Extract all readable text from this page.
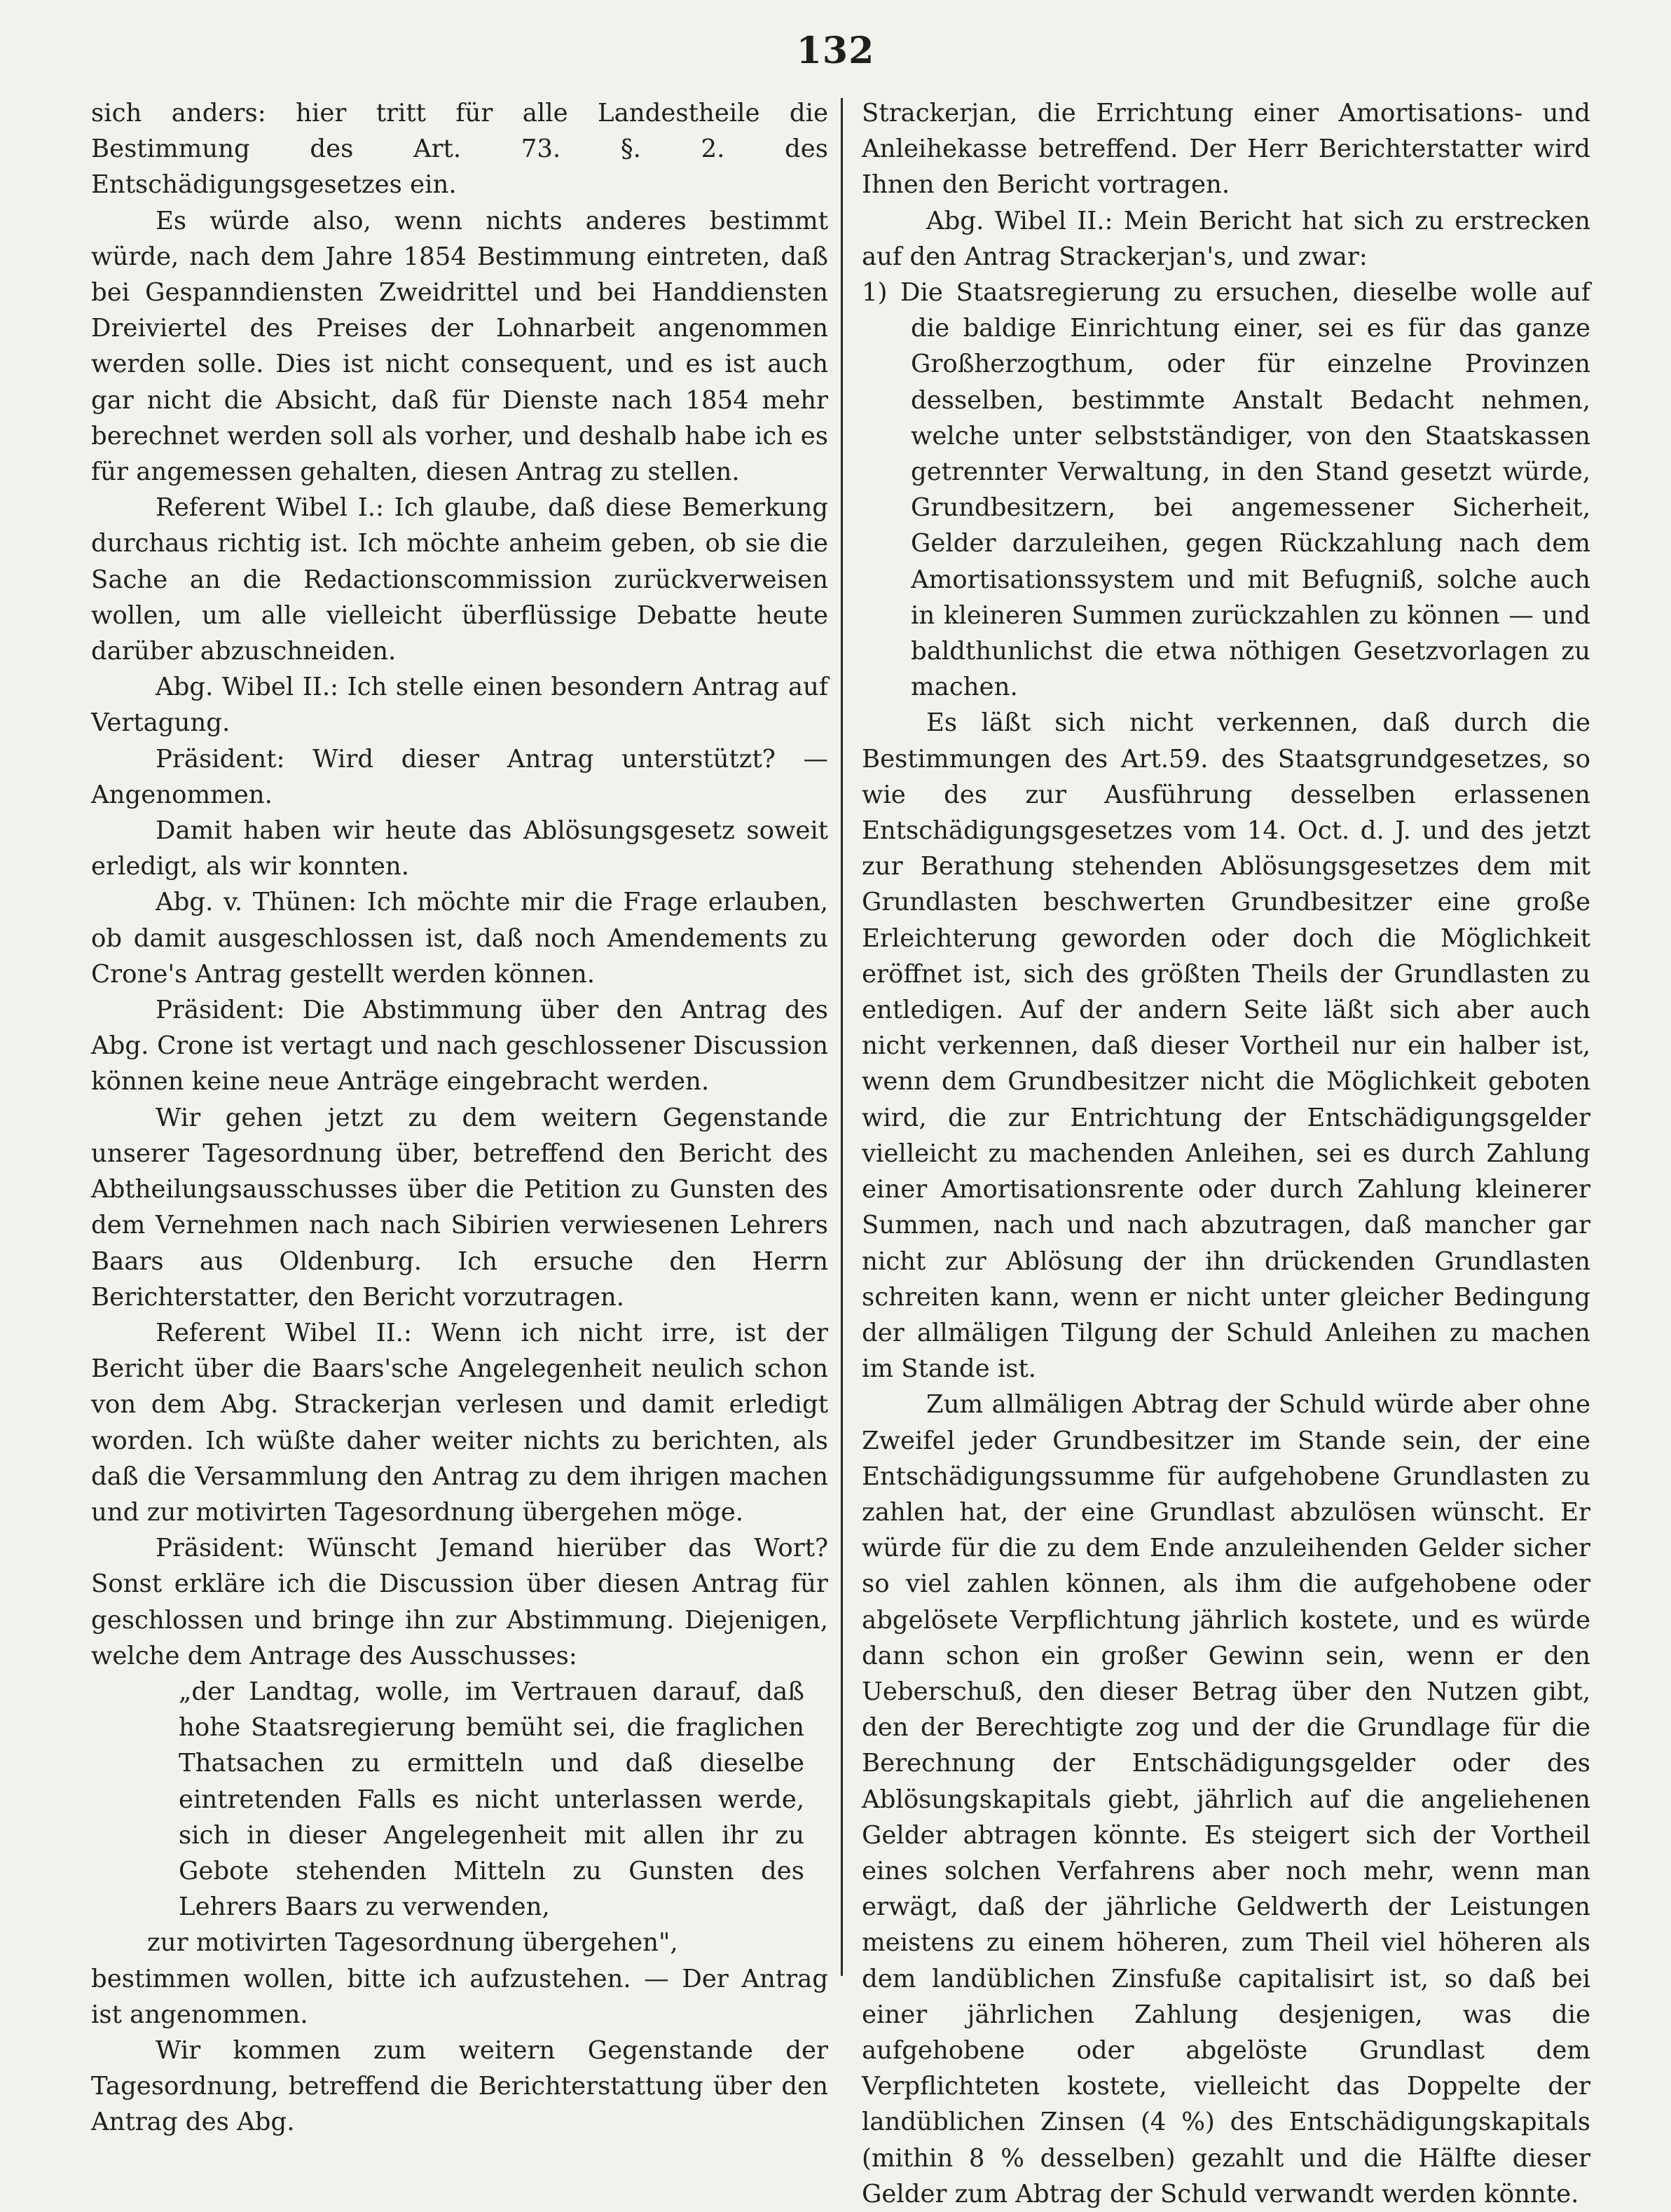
132

sich anders: hier tritt für alle Landestheile die Bestimmung des Art. 73. §. 2. des Entschädigungsgesetzes ein.

Es würde also, wenn nichts anderes bestimmt würde, nach dem Jahre 1854 Bestimmung eintreten, daß bei Gespanndiensten Zweidrittel und bei Handdiensten Dreiviertel des Preises der Lohnarbeit angenommen werden solle. Dies ist nicht consequent, und es ist auch gar nicht die Absicht, daß für Dienste nach 1854 mehr berechnet werden soll als vorher, und deshalb habe ich es für angemessen gehalten, diesen Antrag zu stellen.

Referent Wibel I.: Ich glaube, daß diese Bemerkung durchaus richtig ist. Ich möchte anheim geben, ob sie die Sache an die Redactionscommission zurückverweisen wollen, um alle vielleicht überflüssige Debatte heute darüber abzuschneiden.

Abg. Wibel II.: Ich stelle einen besondern Antrag auf Vertagung.

Präsident: Wird dieser Antrag unterstützt? — Angenommen.

Damit haben wir heute das Ablösungsgesetz soweit erledigt, als wir konnten.

Abg. v. Thünen: Ich möchte mir die Frage erlauben, ob damit ausgeschlossen ist, daß noch Amendements zu Crone's Antrag gestellt werden können.

Präsident: Die Abstimmung über den Antrag des Abg. Crone ist vertagt und nach geschlossener Discussion können keine neue Anträge eingebracht werden.

Wir gehen jetzt zu dem weitern Gegenstande unserer Tagesordnung über, betreffend den Bericht des Abtheilungsausschusses über die Petition zu Gunsten des dem Vernehmen nach nach Sibirien verwiesenen Lehrers Baars aus Oldenburg. Ich ersuche den Herrn Berichterstatter, den Bericht vorzutragen.

Referent Wibel II.: Wenn ich nicht irre, ist der Bericht über die Baars'sche Angelegenheit neulich schon von dem Abg. Strackerjan verlesen und damit erledigt worden. Ich wüßte daher weiter nichts zu berichten, als daß die Versammlung den Antrag zu dem ihrigen machen und zur motivirten Tagesordnung übergehen möge.

Präsident: Wünscht Jemand hierüber das Wort? Sonst erkläre ich die Discussion über diesen Antrag für geschlossen und bringe ihn zur Abstimmung. Diejenigen, welche dem Antrage des Ausschusses:

„der Landtag, wolle, im Vertrauen darauf, daß hohe Staatsregierung bemüht sei, die fraglichen Thatsachen zu ermitteln und daß dieselbe eintretenden Falls es nicht unterlassen werde, sich in dieser Angelegenheit mit allen ihr zu Gebote stehenden Mitteln zu Gunsten des Lehrers Baars zu verwenden,

zur motivirten Tagesordnung übergehen",

bestimmen wollen, bitte ich aufzustehen. — Der Antrag ist angenommen.

Wir kommen zum weitern Gegenstande der Tagesordnung, betreffend die Berichterstattung über den Antrag des Abg.

Strackerjan, die Errichtung einer Amortisations- und Anleihekasse betreffend. Der Herr Berichterstatter wird Ihnen den Bericht vortragen.

Abg. Wibel II.: Mein Bericht hat sich zu erstrecken auf den Antrag Strackerjan's, und zwar:

1) Die Staatsregierung zu ersuchen, dieselbe wolle auf die baldige Einrichtung einer, sei es für das ganze Großherzogthum, oder für einzelne Provinzen desselben, bestimmte Anstalt Bedacht nehmen, welche unter selbstständiger, von den Staatskassen getrennter Verwaltung, in den Stand gesetzt würde, Grundbesitzern, bei angemessener Sicherheit, Gelder darzuleihen, gegen Rückzahlung nach dem Amortisationssystem und mit Befugniß, solche auch in kleineren Summen zurückzahlen zu können — und baldthunlichst die etwa nöthigen Gesetzvorlagen zu machen.

Es läßt sich nicht verkennen, daß durch die Bestimmungen des Art.59. des Staatsgrundgesetzes, so wie des zur Ausführung desselben erlassenen Entschädigungsgesetzes vom 14. Oct. d. J. und des jetzt zur Berathung stehenden Ablösungsgesetzes dem mit Grundlasten beschwerten Grundbesitzer eine große Erleichterung geworden oder doch die Möglichkeit eröffnet ist, sich des größten Theils der Grundlasten zu entledigen. Auf der andern Seite läßt sich aber auch nicht verkennen, daß dieser Vortheil nur ein halber ist, wenn dem Grundbesitzer nicht die Möglichkeit geboten wird, die zur Entrichtung der Entschädigungsgelder vielleicht zu machenden Anleihen, sei es durch Zahlung einer Amortisationsrente oder durch Zahlung kleinerer Summen, nach und nach abzutragen, daß mancher gar nicht zur Ablösung der ihn drückenden Grundlasten schreiten kann, wenn er nicht unter gleicher Bedingung der allmäligen Tilgung der Schuld Anleihen zu machen im Stande ist.

Zum allmäligen Abtrag der Schuld würde aber ohne Zweifel jeder Grundbesitzer im Stande sein, der eine Entschädigungssumme für aufgehobene Grundlasten zu zahlen hat, der eine Grundlast abzulösen wünscht. Er würde für die zu dem Ende anzuleihenden Gelder sicher so viel zahlen können, als ihm die aufgehobene oder abgelösete Verpflichtung jährlich kostete, und es würde dann schon ein großer Gewinn sein, wenn er den Ueberschuß, den dieser Betrag über den Nutzen gibt, den der Berechtigte zog und der die Grundlage für die Berechnung der Entschädigungsgelder oder des Ablösungskapitals giebt, jährlich auf die angeliehenen Gelder abtragen könnte. Es steigert sich der Vortheil eines solchen Verfahrens aber noch mehr, wenn man erwägt, daß der jährliche Geldwerth der Leistungen meistens zu einem höheren, zum Theil viel höheren als dem landüblichen Zinsfuße capitalisirt ist, so daß bei einer jährlichen Zahlung desjenigen, was die aufgehobene oder abgelöste Grundlast dem Verpflichteten kostete, vielleicht das Doppelte der landüblichen Zinsen (4 %) des Entschädigungskapitals (mithin 8 % desselben) gezahlt und die Hälfte dieser Gelder zum Abtrag der Schuld verwandt werden könnte.
